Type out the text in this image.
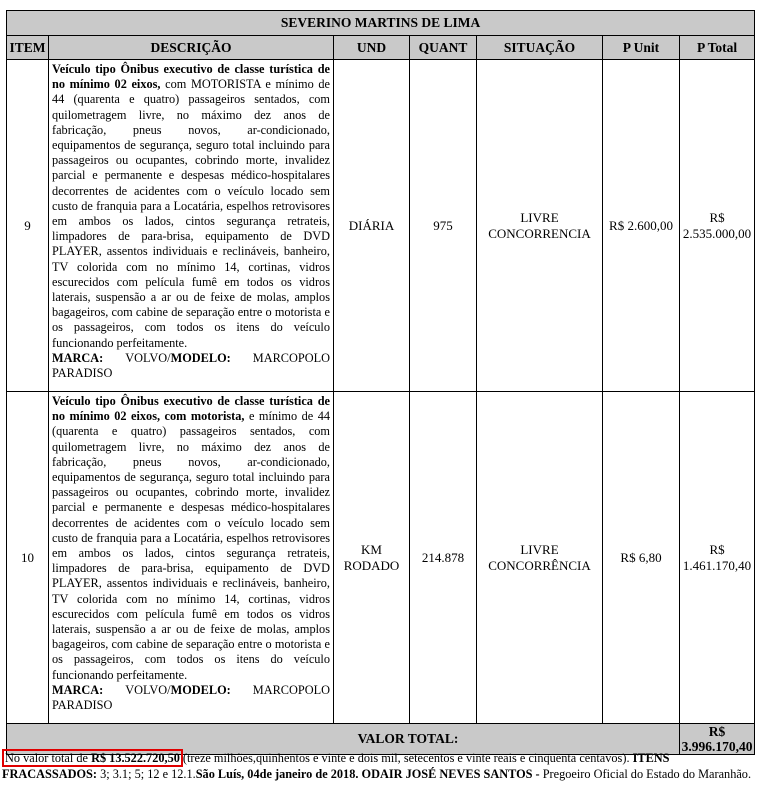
SEVERINO MARTINS DE LIMA						
ITEM	DESCRIÇÃO	UND	QUANT	SITUAÇÃO	P Unit	P Total
9	Veículo tipo Ônibus executivo de classe turística de no mínimo 02 eixos, com MOTORISTA e mínimo de 44 (quarenta e quatro) passageiros sentados, com quilometragem livre, no máximo dez anos de fabricação, pneus novos, ar-condicionado, equipamentos de segurança, seguro total incluindo para passageiros ou ocupantes, cobrindo morte, invalidez parcial e permanente e despesas médico-hospitalares decorrentes de acidentes com o veículo locado sem custo de franquia para a Locatária, espelhos retrovisores em ambos os lados, cintos segurança retrateis, limpadores de para-brisa, equipamento de DVD PLAYER, assentos individuais e reclináveis, banheiro, TV colorida com no mínimo 14, cortinas, vidros escurecidos com película fumê em todos os vidros laterais, suspensão a ar ou de feixe de molas, amplos bagageiros, com cabine de separação entre o motorista e os passageiros, com todos os itens do veículo funcionando perfeitamente.
MARCA: VOLVO/MODELO: MARCOPOLO
PARADISO	DIÁRIA	975	LIVRE CONCORRENCIA	R$ 2.600,00	R$ 2.535.000,00
10	Veículo tipo Ônibus executivo de classe turística de no mínimo 02 eixos, com motorista, e mínimo de 44 (quarenta e quatro) passageiros sentados, com quilometragem livre, no máximo dez anos de fabricação, pneus novos, ar-condicionado, equipamentos de segurança, seguro total incluindo para passageiros ou ocupantes, cobrindo morte, invalidez parcial e permanente e despesas médico-hospitalares decorrentes de acidentes com o veículo locado sem custo de franquia para a Locatária, espelhos retrovisores em ambos os lados, cintos segurança retrateis, limpadores de para-brisa, equipamento de DVD PLAYER, assentos individuais e reclináveis, banheiro, TV colorida com no mínimo 14, cortinas, vidros escurecidos com película fumê em todos os vidros laterais, suspensão a ar ou de feixe de molas, amplos bagageiros, com cabine de separação entre o motorista e os passageiros, com todos os itens do veículo funcionando perfeitamente.
MARCA: VOLVO/MODELO: MARCOPOLO
PARADISO	KM RODADO	214.878	LIVRE CONCORRÊNCIA	R$ 6,80	R$ 1.461.170,40
VALOR TOTAL:						R$ 3.996.170,40
No valor total de R$ 13.522.720,50 (treze milhões,quinhentos e vinte e dois mil, setecentos e vinte reais e cinquenta centavos). ITENS FRACASSADOS: 3; 3.1; 5; 12 e 12.1.São Luís, 04de janeiro de 2018. ODAIR JOSÉ NEVES SANTOS - Pregoeiro Oficial do Estado do Maranhão.
